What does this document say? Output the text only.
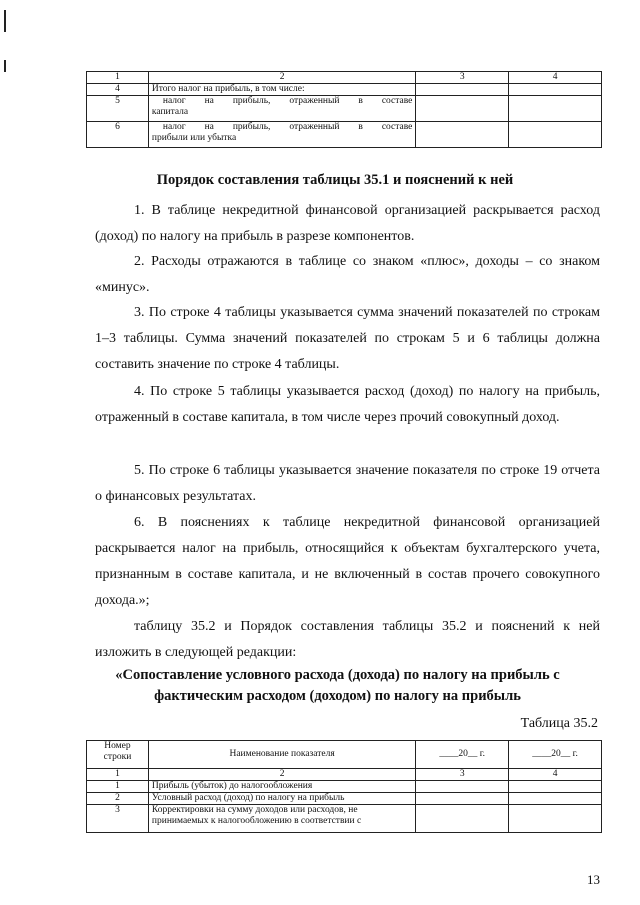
1	2	3	4
4	Итого налог на прибыль, в том числе:		
5	налог на прибыль, отраженный в составе
капитала		

6	налог на прибыль, отраженный в составе
прибыли или убытка		

Порядок составления таблицы 35.1 и пояснений к ней

1. В таблице некредитной финансовой организацией раскрывается расход (доход) по налогу на прибыль в разрезе компонентов.

2. Расходы отражаются в таблице со знаком «плюс», доходы – со знаком «минус».

3. По строке 4 таблицы указывается сумма значений показателей по строкам 1–3 таблицы. Сумма значений показателей по строкам 5 и 6 таблицы должна составить значение по строке 4 таблицы.

4. По строке 5 таблицы указывается расход (доход) по налогу на прибыль, отраженный в составе капитала, в том числе через прочий совокупный доход.

5. По строке 6 таблицы указывается значение показателя по строке 19 отчета о финансовых результатах.

6. В пояснениях к таблице некредитной финансовой организацией раскрывается налог на прибыль, относящийся к объектам бухгалтерского учета, признанным в составе капитала, и не включенный в состав прочего совокупного дохода.»;

таблицу 35.2 и Порядок составления таблицы 35.2 и пояснений к ней изложить в следующей редакции:

«Сопоставление условного расхода (дохода) по налогу на прибыль с фактическим расходом (доходом) по налогу на прибыль
Таблица 35.2
Номер строки	Наименование показателя	____20__ г.	____20__ г.
1	2	3	4
1	Прибыль (убыток) до налогообложения		
2	Условный расход (доход) по налогу на прибыль		
3	Корректировки на сумму доходов или расходов, не принимаемых к налогообложению в соответствии с		
13
